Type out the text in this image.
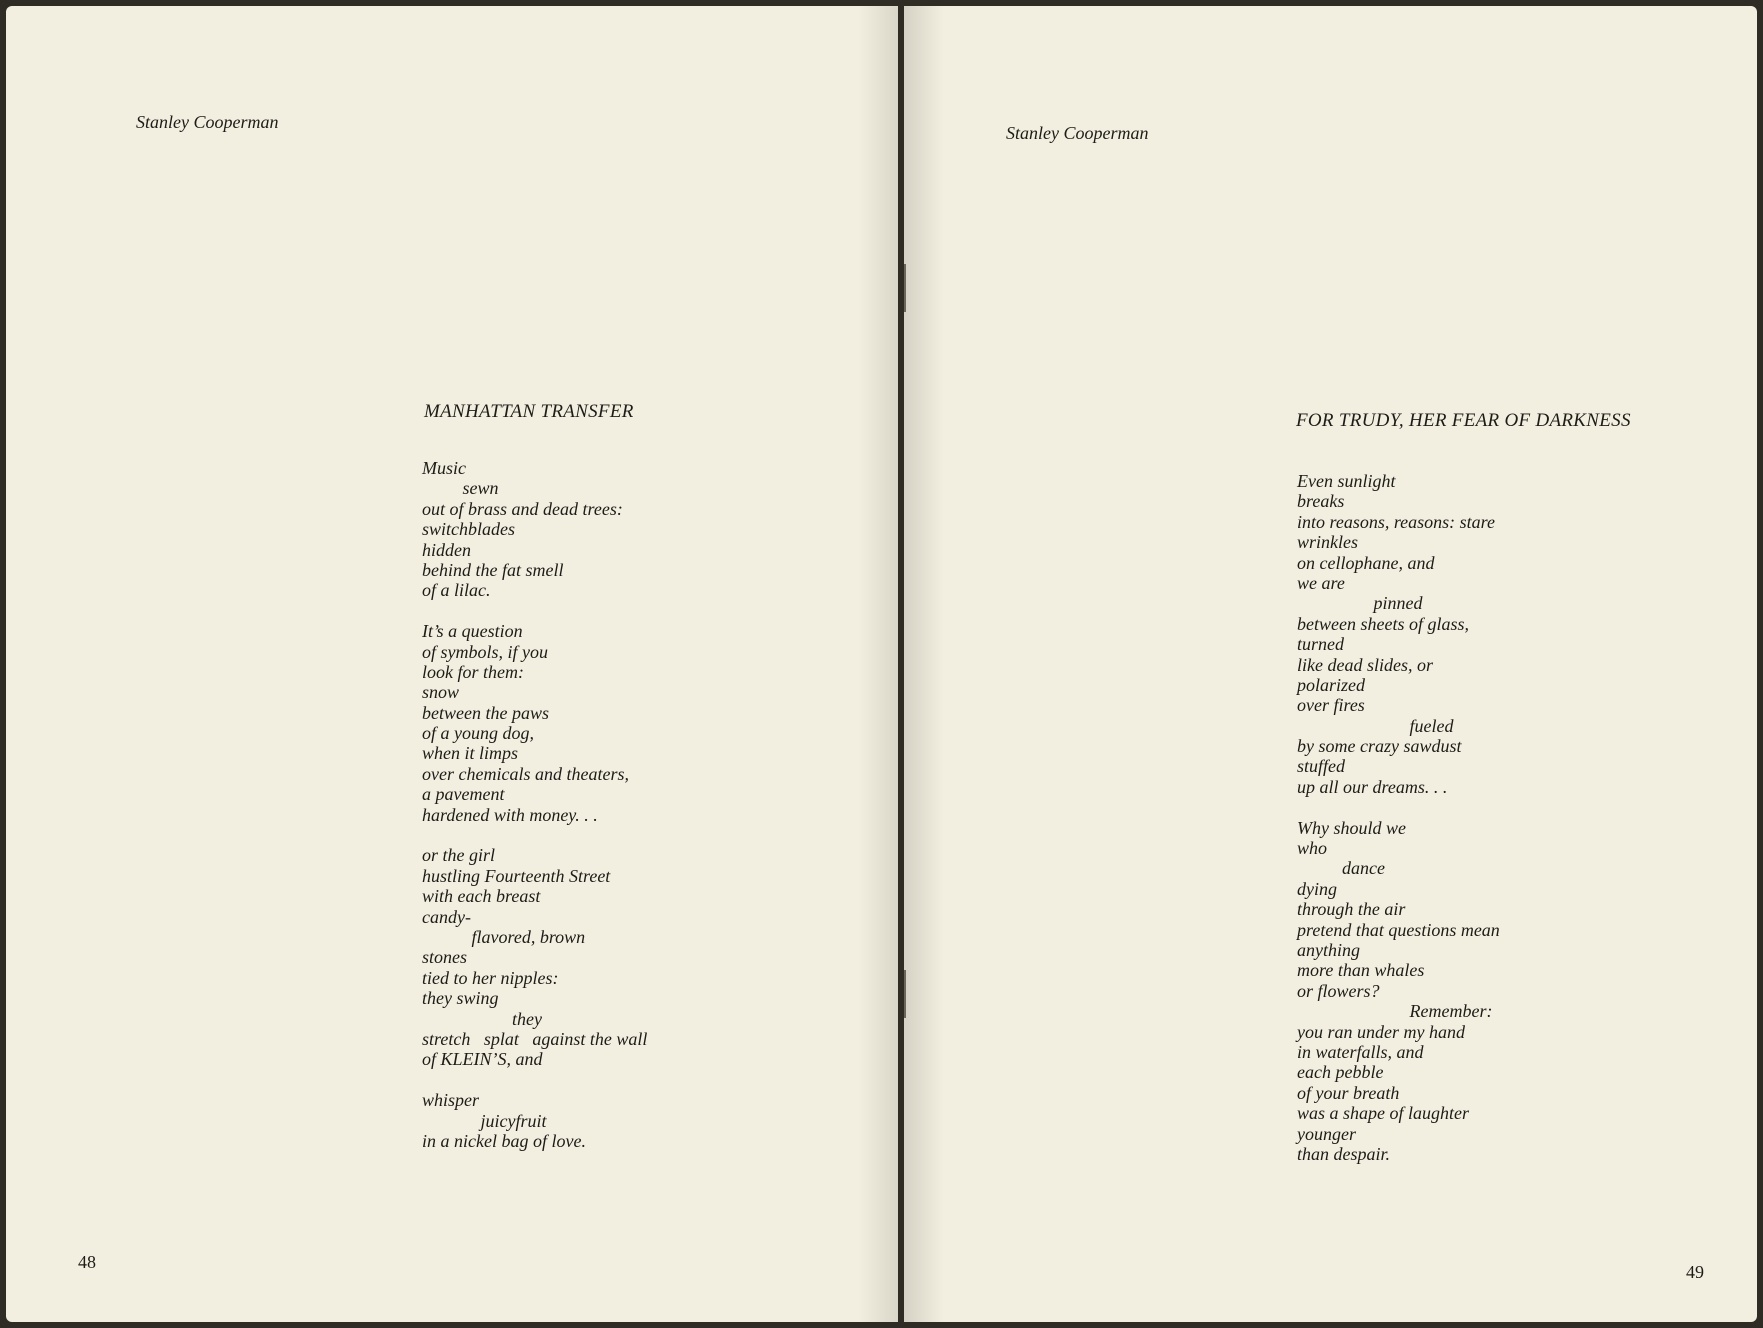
Stanley Cooperman
MANHATTAN TRANSFER
Music
sewn
out of brass and dead trees:
switchblades
hidden
behind the fat smell
of a lilac.
It’s a question
of symbols, if you
look for them:
snow
between the paws
of a young dog,
when it limps
over chemicals and theaters,
a pavement
hardened with money. . .
or the girl
hustling Fourteenth Street
with each breast
candy-
flavored, brown
stones
tied to her nipples:
they swing
they
stretch   splat   against the wall
of KLEIN’S, and
whisper
juicyfruit
in a nickel bag of love.
48
Stanley Cooperman
FOR TRUDY, HER FEAR OF DARKNESS
Even sunlight
breaks
into reasons, reasons: stare
wrinkles
on cellophane, and
we are
pinned
between sheets of glass,
turned
like dead slides, or
polarized
over fires
fueled
by some crazy sawdust
stuffed
up all our dreams. . .
Why should we
who
dance
dying
through the air
pretend that questions mean
anything
more than whales
or flowers?
Remember:
you ran under my hand
in waterfalls, and
each pebble
of your breath
was a shape of laughter
younger
than despair.
49
